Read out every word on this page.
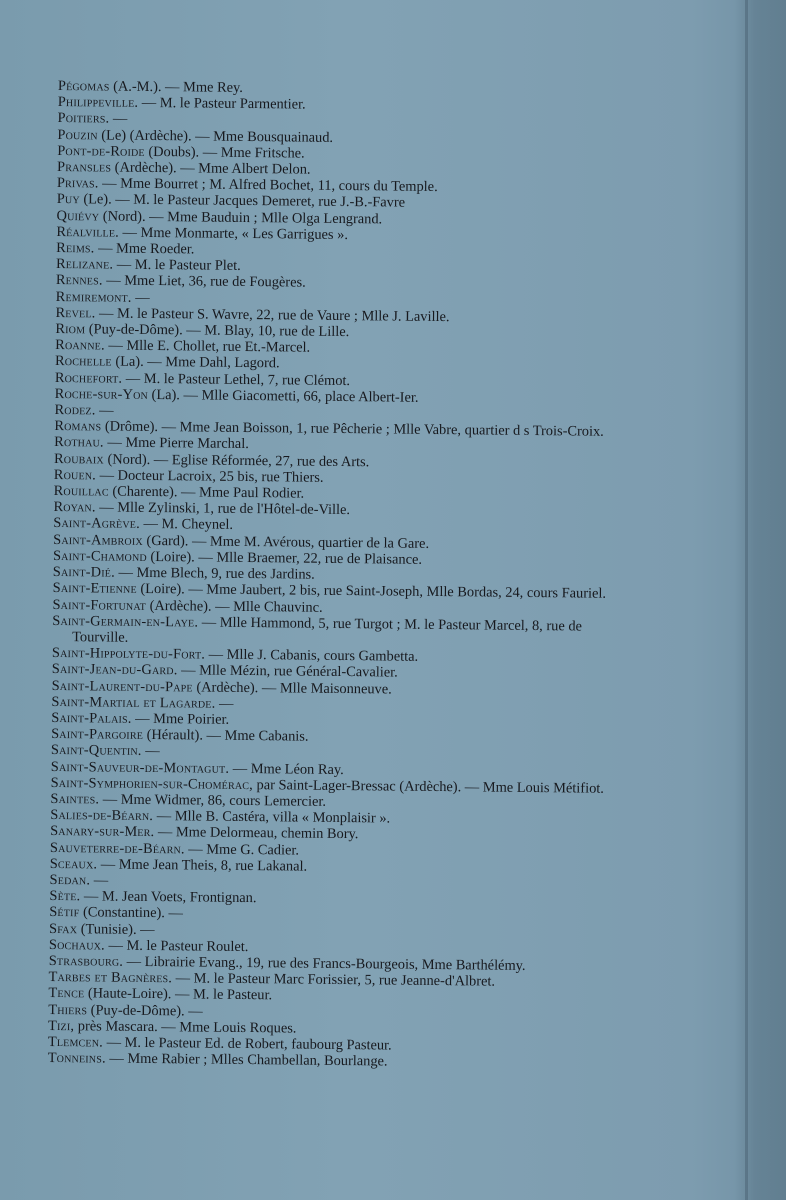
Pégomas (A.-M.). — Mme Rey.

Philippeville. — M. le Pasteur Parmentier.

Poitiers. —

Pouzin (Le) (Ardèche). — Mme Bousquainaud.

Pont-de-Roide (Doubs). — Mme Fritsche.

Pransles (Ardèche). — Mme Albert Delon.

Privas. — Mme Bourret ; M. Alfred Bochet, 11, cours du Temple.

Puy (Le). — M. le Pasteur Jacques Demeret, rue J.-B.-Favre

Quiévy (Nord). — Mme Bauduin ; Mlle Olga Lengrand.

Réalville. — Mme Monmarte, « Les Garrigues ».

Reims. — Mme Roeder.

Relizane. — M. le Pasteur Plet.

Rennes. — Mme Liet, 36, rue de Fougères.

Remiremont. —

Revel. — M. le Pasteur S. Wavre, 22, rue de Vaure ; Mlle J. Laville.

Riom (Puy-de-Dôme). — M. Blay, 10, rue de Lille.

Roanne. — Mlle E. Chollet, rue Et.-Marcel.

Rochelle (La). — Mme Dahl, Lagord.

Rochefort. — M. le Pasteur Lethel, 7, rue Clémot.

Roche-sur-Yon (La). — Mlle Giacometti, 66, place Albert-Ier.

Rodez. —

Romans (Drôme). — Mme Jean Boisson, 1, rue Pêcherie ; Mlle Vabre, quartier d s Trois-Croix.

Rothau. — Mme Pierre Marchal.

Roubaix (Nord). — Eglise Réformée, 27, rue des Arts.

Rouen. — Docteur Lacroix, 25 bis, rue Thiers.

Rouillac (Charente). — Mme Paul Rodier.

Royan. — Mlle Zylinski, 1, rue de l'Hôtel-de-Ville.

Saint-Agrève. — M. Cheynel.

Saint-Ambroix (Gard). — Mme M. Avérous, quartier de la Gare.

Saint-Chamond (Loire). — Mlle Braemer, 22, rue de Plaisance.

Saint-Dié. — Mme Blech, 9, rue des Jardins.

Saint-Etienne (Loire). — Mme Jaubert, 2 bis, rue Saint-Joseph, Mlle Bordas, 24, cours Fauriel.

Saint-Fortunat (Ardèche). — Mlle Chauvinc.

Saint-Germain-en-Laye. — Mlle Hammond, 5, rue Turgot ; M. le Pasteur Marcel, 8, rue de Tourville.

Saint-Hippolyte-du-Fort. — Mlle J. Cabanis, cours Gambetta.

Saint-Jean-du-Gard. — Mlle Mézin, rue Général-Cavalier.

Saint-Laurent-du-Pape (Ardèche). — Mlle Maisonneuve.

Saint-Martial et Lagarde. —

Saint-Palais. — Mme Poirier.

Saint-Pargoire (Hérault). — Mme Cabanis.

Saint-Quentin. —

Saint-Sauveur-de-Montagut. — Mme Léon Ray.

Saint-Symphorien-sur-Chomérac, par Saint-Lager-Bressac (Ardèche). — Mme Louis Métifiot.

Saintes. — Mme Widmer, 86, cours Lemercier.

Salies-de-Béarn. — Mlle B. Castéra, villa « Monplaisir ».

Sanary-sur-Mer. — Mme Delormeau, chemin Bory.

Sauveterre-de-Béarn. — Mme G. Cadier.

Sceaux. — Mme Jean Theis, 8, rue Lakanal.

Sedan. —

Sète. — M. Jean Voets, Frontignan.

Sétif (Constantine). —

Sfax (Tunisie). —

Sochaux. — M. le Pasteur Roulet.

Strasbourg. — Librairie Evang., 19, rue des Francs-Bourgeois, Mme Barthélémy.

Tarbes et Bagnères. — M. le Pasteur Marc Forissier, 5, rue Jeanne-d'Albret.

Tence (Haute-Loire). — M. le Pasteur.

Thiers (Puy-de-Dôme). —

Tizi, près Mascara. — Mme Louis Roques.

Tlemcen. — M. le Pasteur Ed. de Robert, faubourg Pasteur.

Tonneins. — Mme Rabier ; Mlles Chambellan, Bourlange.
